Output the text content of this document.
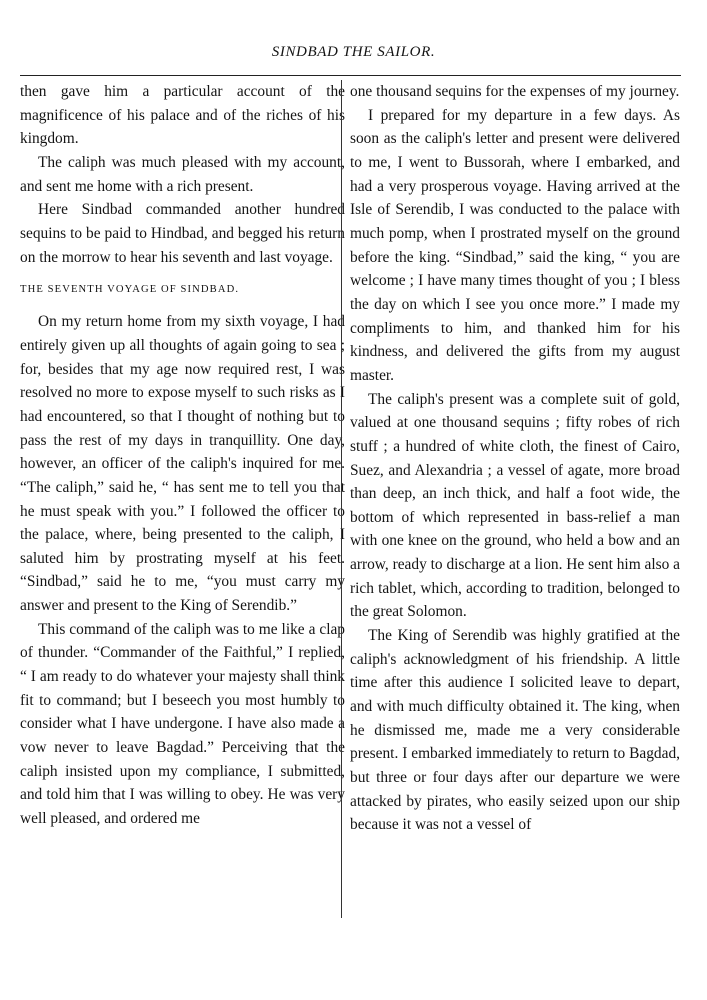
SINDBAD THE SAILOR.

then gave him a particular account of the magnificence of his palace and of the riches of his kingdom.

The caliph was much pleased with my account, and sent me home with a rich present.

Here Sindbad commanded another hundred sequins to be paid to Hindbad, and begged his return on the morrow to hear his seventh and last voyage.

THE SEVENTH VOYAGE OF SINDBAD.

On my return home from my sixth voyage, I had entirely given up all thoughts of again going to sea ; for, besides that my age now required rest, I was resolved no more to expose myself to such risks as I had encountered, so that I thought of nothing but to pass the rest of my days in tranquillity. One day, however, an officer of the caliph's inquired for me. “The caliph,” said he, “ has sent me to tell you that he must speak with you.” I followed the officer to the palace, where, being presented to the caliph, I saluted him by prostrating myself at his feet. “Sindbad,” said he to me, “you must carry my answer and present to the King of Serendib.”

This command of the caliph was to me like a clap of thunder. “Commander of the Faithful,” I replied, “ I am ready to do whatever your majesty shall think fit to command; but I beseech you most humbly to consider what I have undergone. I have also made a vow never to leave Bagdad.” Perceiving that the caliph insisted upon my compliance, I submitted, and told him that I was willing to obey. He was very well pleased, and ordered me

one thousand sequins for the expenses of my journey.

I prepared for my departure in a few days. As soon as the caliph's letter and present were delivered to me, I went to Bussorah, where I embarked, and had a very prosperous voyage. Having arrived at the Isle of Serendib, I was conducted to the palace with much pomp, when I prostrated myself on the ground before the king. “Sindbad,” said the king, “ you are welcome ; I have many times thought of you ; I bless the day on which I see you once more.” I made my compliments to him, and thanked him for his kindness, and delivered the gifts from my august master.

The caliph's present was a complete suit of gold, valued at one thousand sequins ; fifty robes of rich stuff ; a hundred of white cloth, the finest of Cairo, Suez, and Alexandria ; a vessel of agate, more broad than deep, an inch thick, and half a foot wide, the bottom of which represented in bass-relief a man with one knee on the ground, who held a bow and an arrow, ready to discharge at a lion. He sent him also a rich tablet, which, according to tradition, belonged to the great Solomon.

The King of Serendib was highly gratified at the caliph's acknowledgment of his friendship. A little time after this audience I solicited leave to depart, and with much difficulty obtained it. The king, when he dismissed me, made me a very considerable present. I embarked immediately to return to Bagdad, but three or four days after our departure we were attacked by pirates, who easily seized upon our ship because it was not a vessel of
